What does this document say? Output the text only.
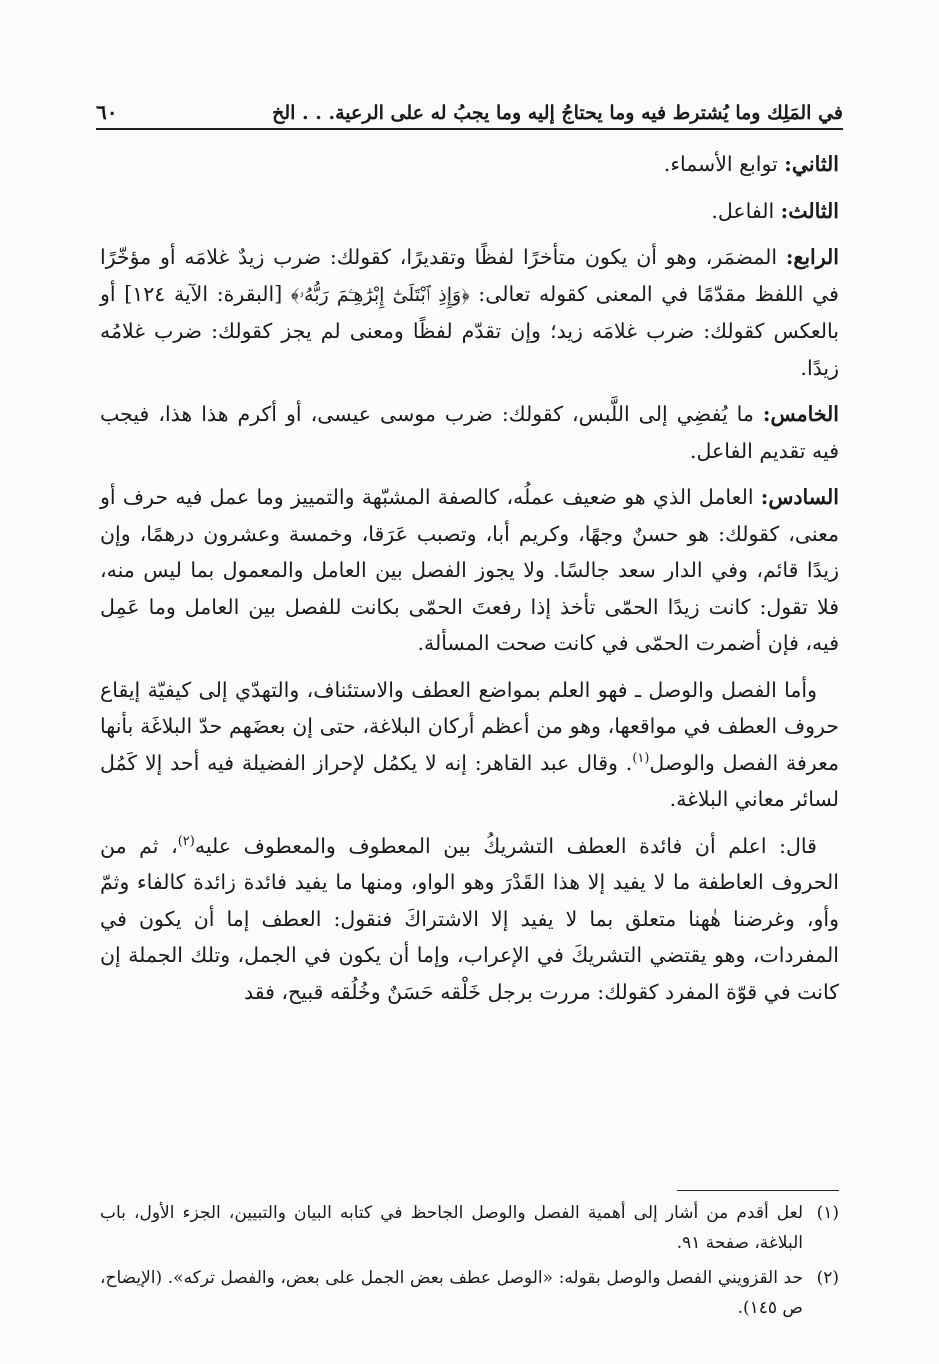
في المَلِك وما يُشترط فيه وما يحتاجُ إليه وما يجبُ له على الرعية. . . الخ
٦٠

الثاني: توابع الأسماء.

الثالث: الفاعل.

الرابع: المضمَر، وهو أن يكون متأخرًا لفظًا وتقديرًا، كقولك: ضرب زيدٌ غلامَه أو مؤخّرًا في اللفظ مقدّمًا في المعنى كقوله تعالى: ﴿وَإِذِ ٱبْتَلَىٰٓ إِبْرَٰهِـۧمَ رَبُّهُۥ﴾ [البقرة: الآية ١٢٤] أو بالعكس كقولك: ضرب غلامَه زيد؛ وإن تقدّم لفظًا ومعنى لم يجز كقولك: ضرب غلامُه زيدًا.

الخامس: ما يُفضِي إلى اللَّبس، كقولك: ضرب موسى عيسى، أو أكرم هذا هذا، فيجب فيه تقديم الفاعل.

السادس: العامل الذي هو ضعيف عملُه، كالصفة المشبّهة والتمييز وما عمل فيه حرف أو معنى، كقولك: هو حسنٌ وجهًا، وكريم أبا، وتصبب عَرَقا، وخمسة وعشرون درهمًا، وإن زيدًا قائم، وفي الدار سعد جالسًا. ولا يجوز الفصل بين العامل والمعمول بما ليس منه، فلا تقول: كانت زيدًا الحمّى تأخذ إذا رفعتَ الحمّى بكانت للفصل بين العامل وما عَمِل فيه، فإن أضمرت الحمّى في كانت صحت المسألة.

وأما الفصل والوصل ـ فهو العلم بمواضع العطف والاستئناف، والتهدّي إلى كيفيّة إيقاع حروف العطف في مواقعها، وهو من أعظم أركان البلاغة، حتى إن بعضَهم حدّ البلاغَة بأنها معرفة الفصل والوصل$^{(١)}$. وقال عبد القاهر: إنه لا يكمُل لإحراز الفضيلة فيه أحد إلا كَمُل لسائر معاني البلاغة.

قال: اعلم أن فائدة العطف التشريكُ بين المعطوف والمعطوف عليه$^{(٢)}$، ثم من الحروف العاطفة ما لا يفيد إلا هذا القَدْرَ وهو الواو، ومنها ما يفيد فائدة زائدة كالفاء وثمّ وأو، وغرضنا هٰهنا متعلق بما لا يفيد إلا الاشتراكَ فنقول: العطف إما أن يكون في المفردات، وهو يقتضي التشريكَ في الإعراب، وإما أن يكون في الجمل، وتلك الجملة إن كانت في قوّة المفرد كقولك: مررت برجل خَلْقه حَسَنٌ وخُلُقه قبيح، فقد

(١)
لعل أقدم من أشار إلى أهمية الفصل والوصل الجاحظ في كتابه البيان والتبيين، الجزء الأول، باب البلاغة، صفحة ٩١.

(٢)
حد القزويني الفصل والوصل بقوله: «الوصل عطف بعض الجمل على بعض، والفصل تركه». (الإيضاح، ص ١٤٥).
